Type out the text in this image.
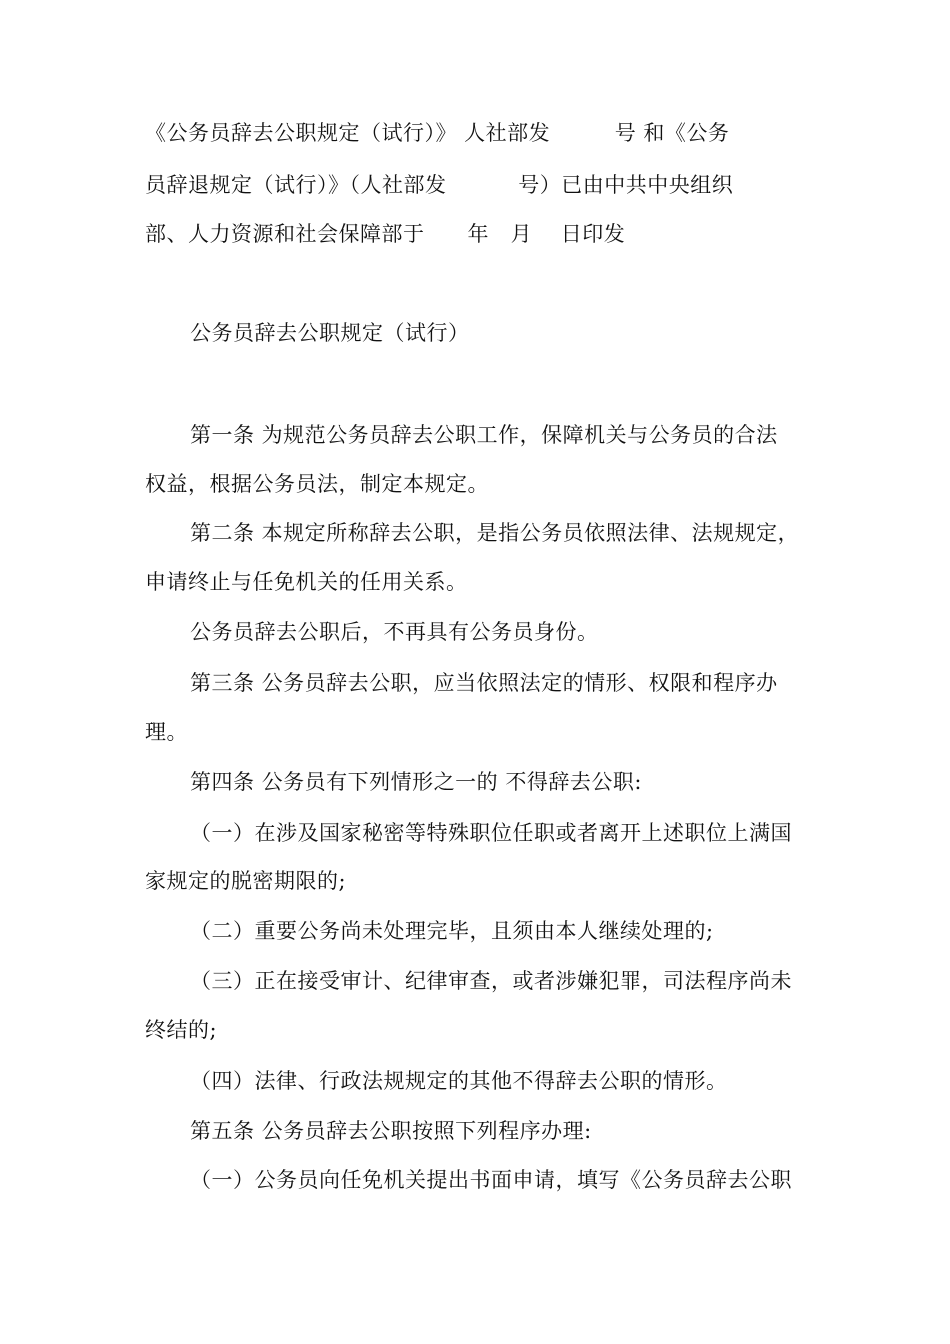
《公务员辞去公职规定（试行）》 人社部发         号 和《公务
员辞退规定（试行）》（人社部发          号）已由中共中央组织
部、人力资源和社会保障部于      年   月    日印发
公务员辞去公职规定（试行）
第一条 为规范公务员辞去公职工作，保障机关与公务员的合法
权益，根据公务员法，制定本规定。
第二条 本规定所称辞去公职，是指公务员依照法律、法规规定，
申请终止与任免机关的任用关系。
公务员辞去公职后，不再具有公务员身份。
第三条 公务员辞去公职，应当依照法定的情形、权限和程序办
理。
第四条 公务员有下列情形之一的 不得辞去公职:
（一）在涉及国家秘密等特殊职位任职或者离开上述职位上满国
家规定的脱密期限的;
（二）重要公务尚未处理完毕，且须由本人继续处理的;
（三）正在接受审计、纪律审查，或者涉嫌犯罪，司法程序尚未
终结的;
（四）法律、行政法规规定的其他不得辞去公职的情形。
第五条 公务员辞去公职按照下列程序办理:
（一）公务员向任免机关提出书面申请，填写《公务员辞去公职
